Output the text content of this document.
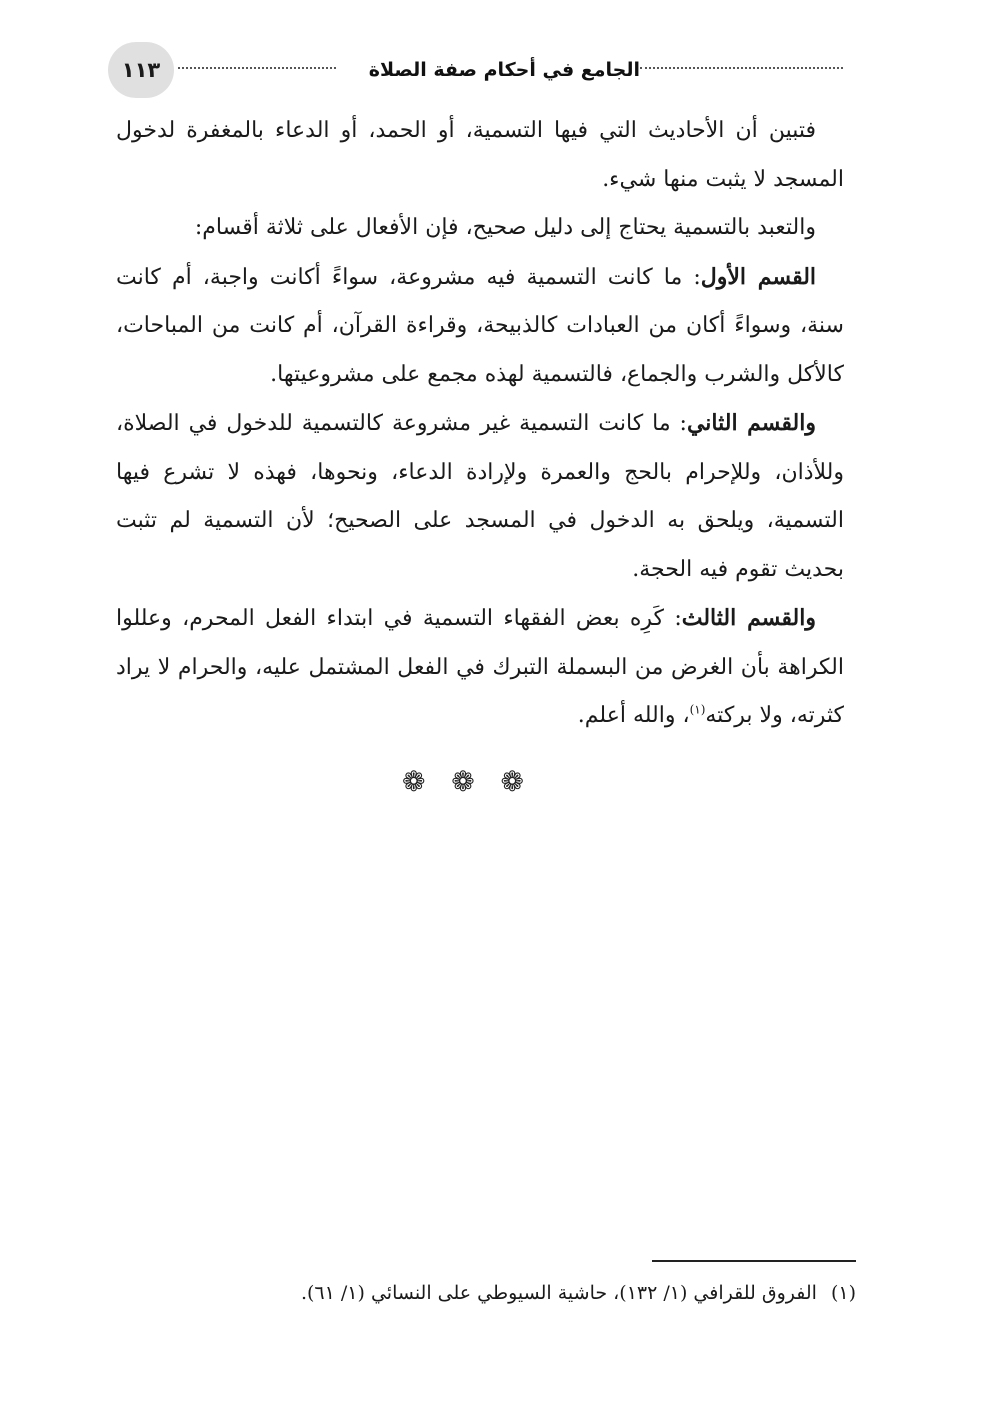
١١٣	الجامع في أحكام صفة الصلاة

فتبين أن الأحاديث التي فيها التسمية، أو الحمد، أو الدعاء بالمغفرة لدخول المسجد لا يثبت منها شيء.

والتعبد بالتسمية يحتاج إلى دليل صحيح، فإن الأفعال على ثلاثة أقسام:

القسم الأول: ما كانت التسمية فيه مشروعة، سواءً أكانت واجبة، أم كانت سنة، وسواءً أكان من العبادات كالذبيحة، وقراءة القرآن، أم كانت من المباحات، كالأكل والشرب والجماع، فالتسمية لهذه مجمع على مشروعيتها.

والقسم الثاني: ما كانت التسمية غير مشروعة كالتسمية للدخول في الصلاة، وللأذان، وللإحرام بالحج والعمرة ولإرادة الدعاء، ونحوها، فهذه لا تشرع فيها التسمية، ويلحق به الدخول في المسجد على الصحيح؛ لأن التسمية لم تثبت بحديث تقوم فيه الحجة.

والقسم الثالث: كَرِه بعض الفقهاء التسمية في ابتداء الفعل المحرم، وعللوا الكراهة بأن الغرض من البسملة التبرك في الفعل المشتمل عليه، والحرام لا يراد كثرته، ولا بركته$^{(١)}$، والله أعلم.

❁ ❁ ❁
(١)الفروق للقرافي (١/ ١٣٢)، حاشية السيوطي على النسائي (١/ ٦١).
